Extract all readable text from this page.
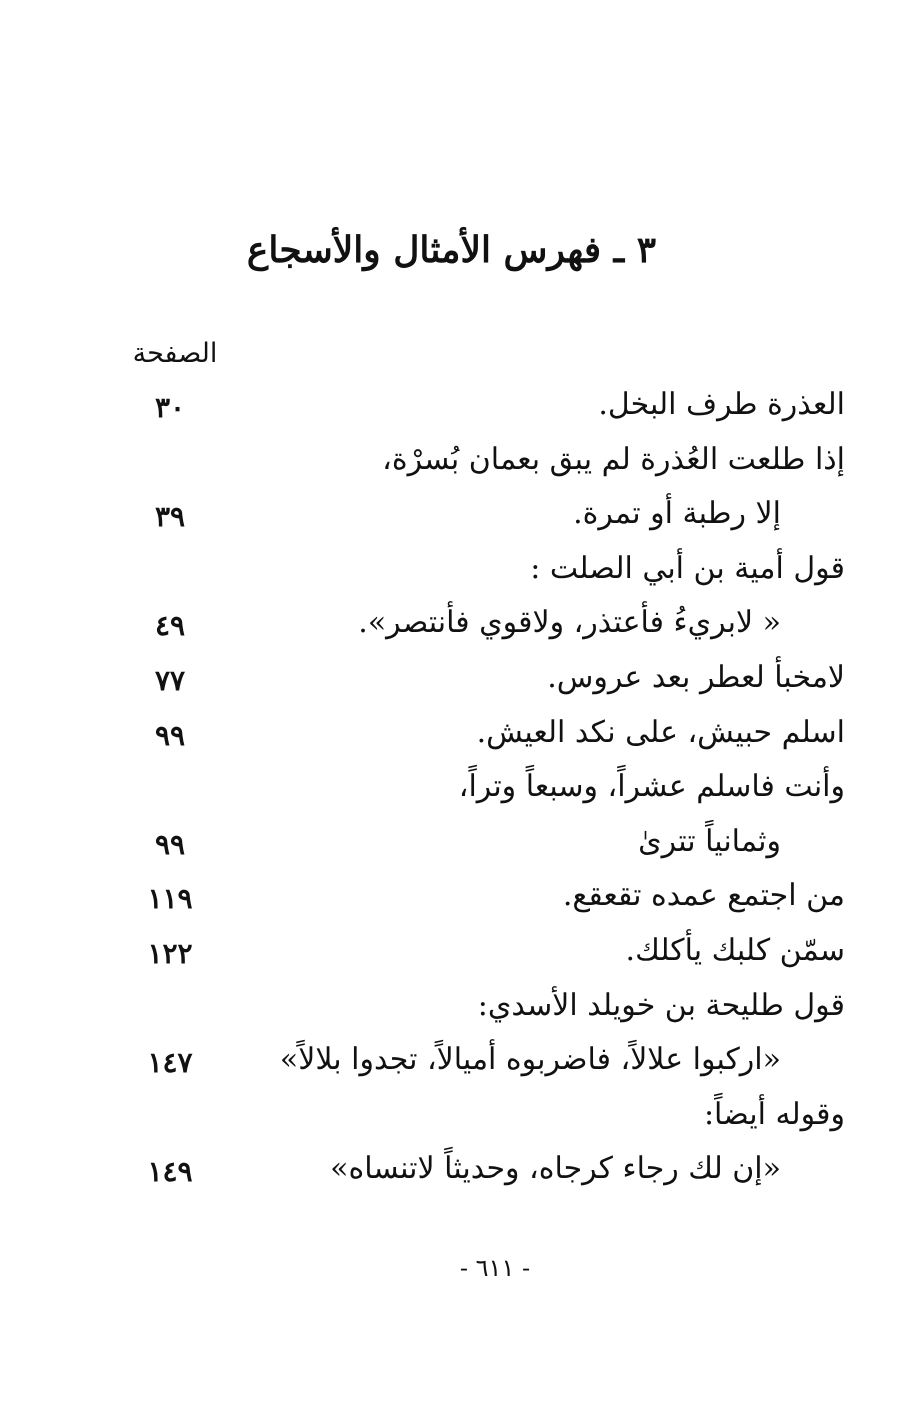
٣ ـ فهرس الأمثال والأسجاع
الصفحة
العذرة طرف البخل.
٣٠
إذا طلعت العُذرة لم يبق بعمان بُسرْة،
إلا رطبة أو تمرة.
٣٩
قول أمية بن أبي الصلت :
« لابريءُ فأعتذر، ولاقوي فأنتصر».
٤٩
لامخبأ لعطر بعد عروس.
٧٧
اسلم حبيش، على نكد العيش.
٩٩
وأنت فاسلم عشراً، وسبعاً وتراً،
وثمانياً تترىٰ
٩٩
من اجتمع عمده تقعقع.
١١٩
سمّن كلبك يأكلك.
١٢٢
قول طليحة بن خويلد الأسدي:
«اركبوا علالاً، فاضربوه أميالاً، تجدوا بلالاً»
١٤٧
وقوله أيضاً:
«إن لك رجاء كرجاه، وحديثاً لاتنساه»
١٤٩
- ٦١١ -
